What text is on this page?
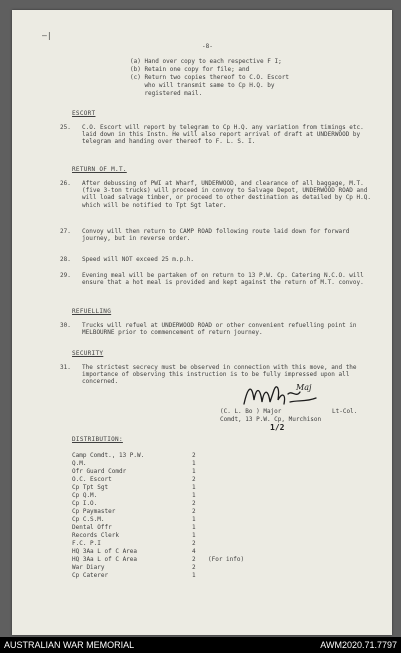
—|
-8-
(a) Hand over copy to each respective F I;
(b) Retain one copy for file; and
(c) Return two copies thereof to C.O. Escort
who will transmit same to Cp H.Q. by
registered mail.
ESCORT
25. C.O. Escort will report by telegram to Cp H.Q. any variation from timings etc. laid down in this Instn. He will also report arrival of draft at UNDERWOOD by telegram and handing over thereof to F. L. S. I.
RETURN OF M.T.
26. After debussing of PWI at Wharf, UNDERWOOD, and clearance of all baggage, M.T. (five 3-ton trucks) will proceed in convoy to Salvage Depot, UNDERWOOD ROAD and will load salvage timber, or proceed to other destination as detailed by Cp H.Q. which will be notified to Tpt Sgt later.
27. Convoy will then return to CAMP ROAD following route laid down for forward journey, but in reverse order.
28. Speed will NOT exceed 25 m.p.h.
29. Evening meal will be partaken of on return to 13 P.W. Cp. Catering N.C.O. will ensure that a hot meal is provided and kept against the return of M.T. convoy.
REFUELLING
30. Trucks will refuel at UNDERWOOD ROAD or other convenient refuelling point in MELBOURNE prior to commencement of return journey.
SECURITY
31. The strictest secrecy must be observed in connection with this move, and the importance of observing this instruction is to be fully impressed upon all concerned.
Maj
(C. L. Bo ) Major	Lt-Col.
Comdt, 13 P.W. Cp, Murchison
1/2
DISTRIBUTION:
Camp Comdt., 13 P.W.	2
Q.M.	1
Ofr Guard Comdr	1
O.C. Escort	2
Cp Tpt Sgt	1
Cp Q.M.	1
Cp I.O.	2
Cp Paymaster	2
Cp C.S.M.	1
Dental Offr	1
Records Clerk	1
F.C. P.I	2
HQ 3Aa L of C Area	4
HQ 3Aa L of C Area	2 (For info)
War Diary	2
Cp Caterer	1
AUSTRALIAN WAR MEMORIAL	AWM2020.71.7797
